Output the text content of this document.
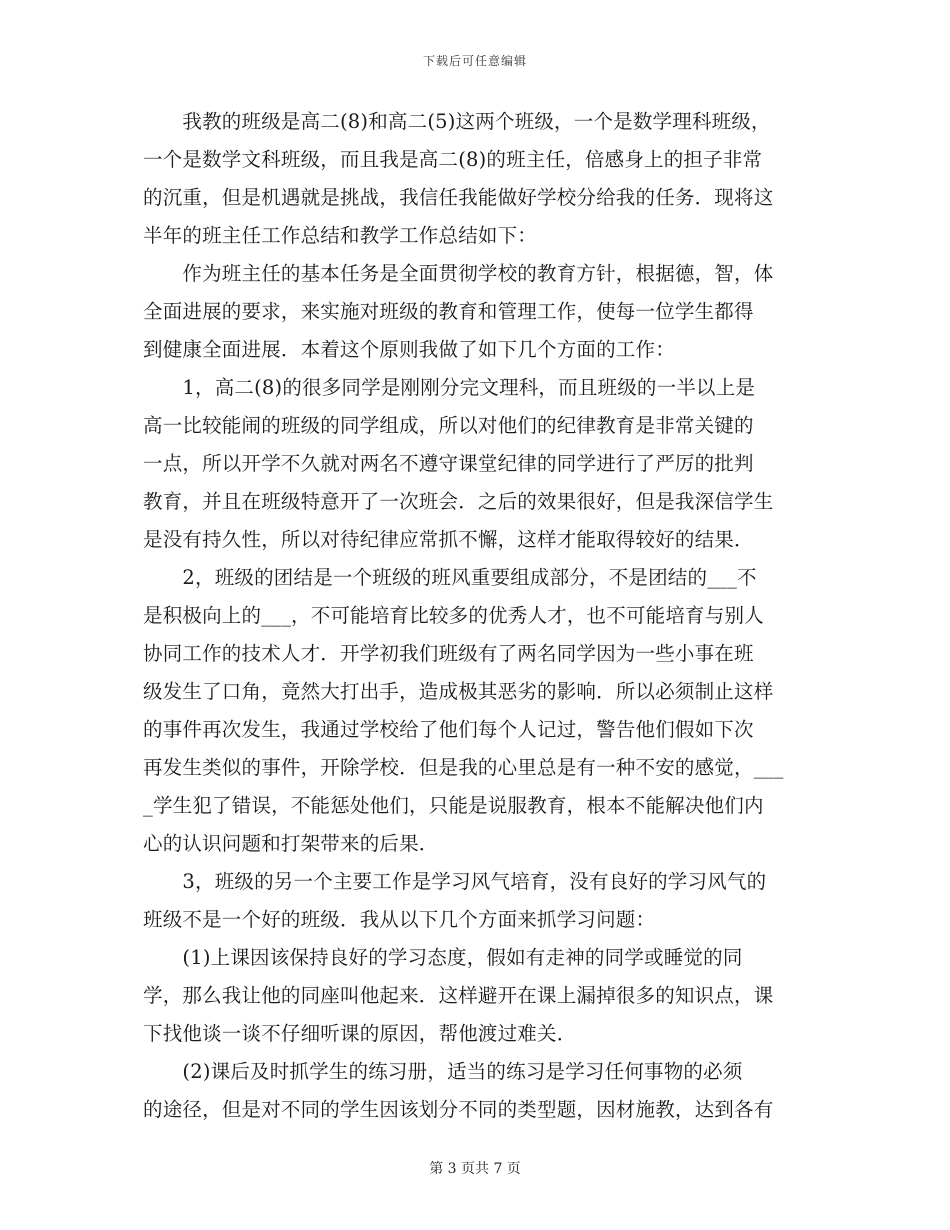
下载后可任意编辑
　　我教的班级是高二(8)和高二(5)这两个班级，一个是数学理科班级，
一个是数学文科班级，而且我是高二(8)的班主任，倍感身上的担子非常
的沉重，但是机遇就是挑战，我信任我能做好学校分给我的任务．现将这
半年的班主任工作总结和教学工作总结如下：
　　作为班主任的基本任务是全面贯彻学校的教育方针，根据德，智，体
全面进展的要求，来实施对班级的教育和管理工作，使每一位学生都得
到健康全面进展．本着这个原则我做了如下几个方面的工作：
　　1，高二(8)的很多同学是刚刚分完文理科，而且班级的一半以上是
高一比较能闹的班级的同学组成，所以对他们的纪律教育是非常关键的
一点，所以开学不久就对两名不遵守课堂纪律的同学进行了严厉的批判
教育，并且在班级特意开了一次班会．之后的效果很好，但是我深信学生
是没有持久性，所以对待纪律应常抓不懈，这样才能取得较好的结果．
　　2，班级的团结是一个班级的班风重要组成部分，不是团结的___不
是积极向上的___，不可能培育比较多的优秀人才，也不可能培育与别人
协同工作的技术人才．开学初我们班级有了两名同学因为一些小事在班
级发生了口角，竟然大打出手，造成极其恶劣的影响．所以必须制止这样
的事件再次发生，我通过学校给了他们每个人记过，警告他们假如下次
再发生类似的事件，开除学校．但是我的心里总是有一种不安的感觉，___
_学生犯了错误，不能惩处他们，只能是说服教育，根本不能解决他们内
心的认识问题和打架带来的后果．
　　3，班级的另一个主要工作是学习风气培育，没有良好的学习风气的
班级不是一个好的班级．我从以下几个方面来抓学习问题：
　　(1)上课因该保持良好的学习态度，假如有走神的同学或睡觉的同
学，那么我让他的同座叫他起来．这样避开在课上漏掉很多的知识点，课
下找他谈一谈不仔细听课的原因，帮他渡过难关．
　　(2)课后及时抓学生的练习册，适当的练习是学习任何事物的必须
的途径，但是对不同的学生因该划分不同的类型题，因材施教，达到各有
第 3 页共 7 页
